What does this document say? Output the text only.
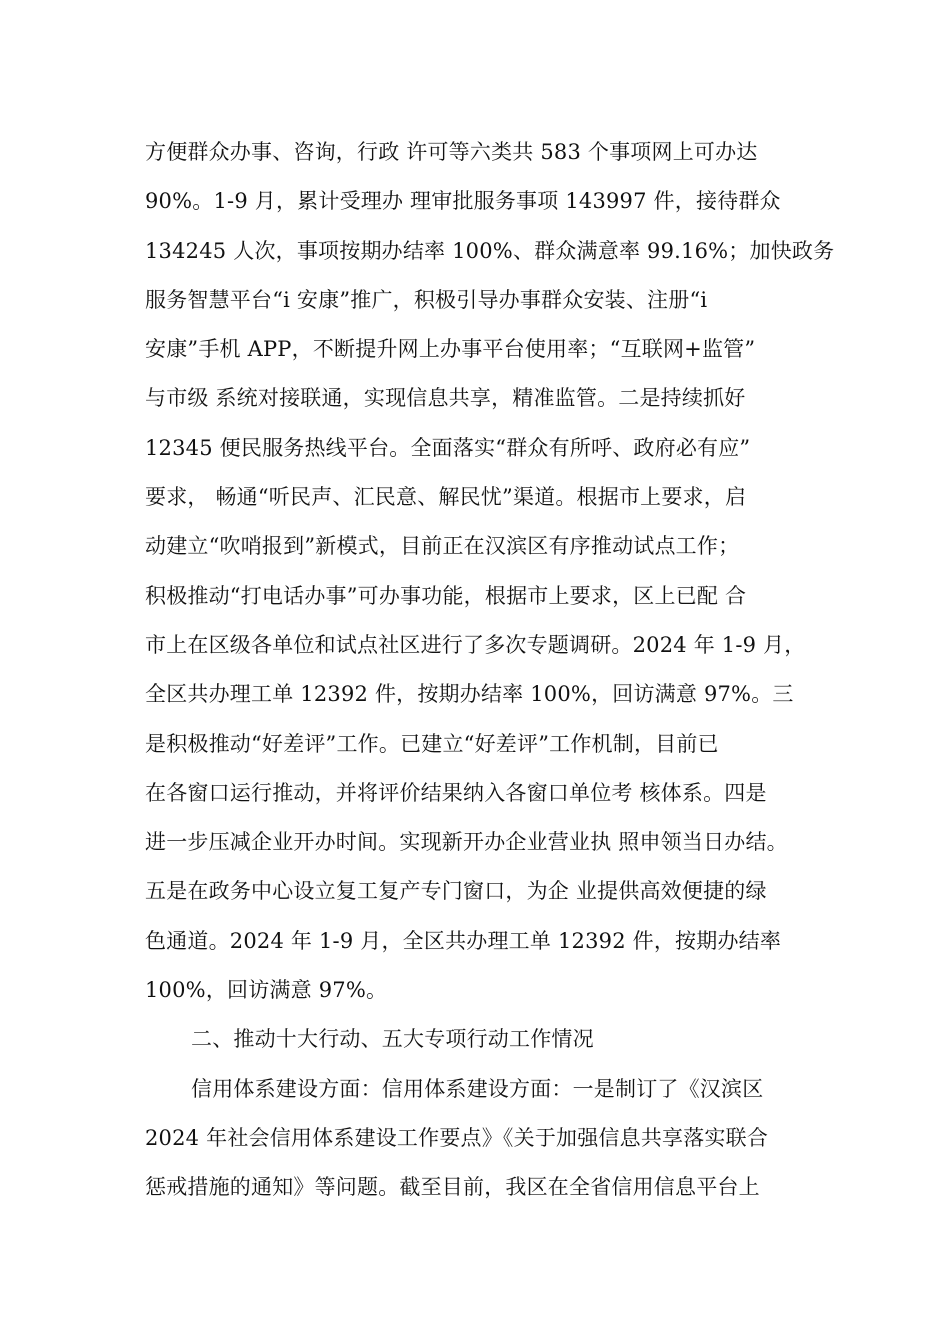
方便群众办事、咨询，行政 许可等六类共 583 个事项网上可办达
90%。1-9 月，累计受理办 理审批服务事项 143997 件，接待群众
134245 人次，事项按期办结率 100%、群众满意率 99.16%；加快政务
服务智慧平台“i 安康”推广，积极引导办事群众安装、注册“i
安康”手机 APP，不断提升网上办事平台使用率；“互联网+监管”
与市级 系统对接联通，实现信息共享，精准监管。二是持续抓好
12345 便民服务热线平台。全面落实“群众有所呼、政府必有应”
要求， 畅通“听民声、汇民意、解民忧”渠道。根据市上要求，启
动建立“吹哨报到”新模式，目前正在汉滨区有序推动试点工作；
积极推动“打电话办事”可办事功能，根据市上要求，区上已配 合
市上在区级各单位和试点社区进行了多次专题调研。2024 年 1-9 月，
全区共办理工单 12392 件，按期办结率 100%，回访满意 97%。三
是积极推动“好差评”工作。已建立“好差评”工作机制，目前已
在各窗口运行推动，并将评价结果纳入各窗口单位考 核体系。四是
进一步压减企业开办时间。实现新开办企业营业执 照申领当日办结。
五是在政务中心设立复工复产专门窗口，为企 业提供高效便捷的绿
色通道。2024 年 1-9 月，全区共办理工单 12392 件，按期办结率
100%，回访满意 97%。
二、推动十大行动、五大专项行动工作情况
信用体系建设方面：信用体系建设方面：一是制订了《汉滨区
2024 年社会信用体系建设工作要点》《关于加强信息共享落实联合
惩戒措施的通知》等问题。截至目前，我区在全省信用信息平台上
